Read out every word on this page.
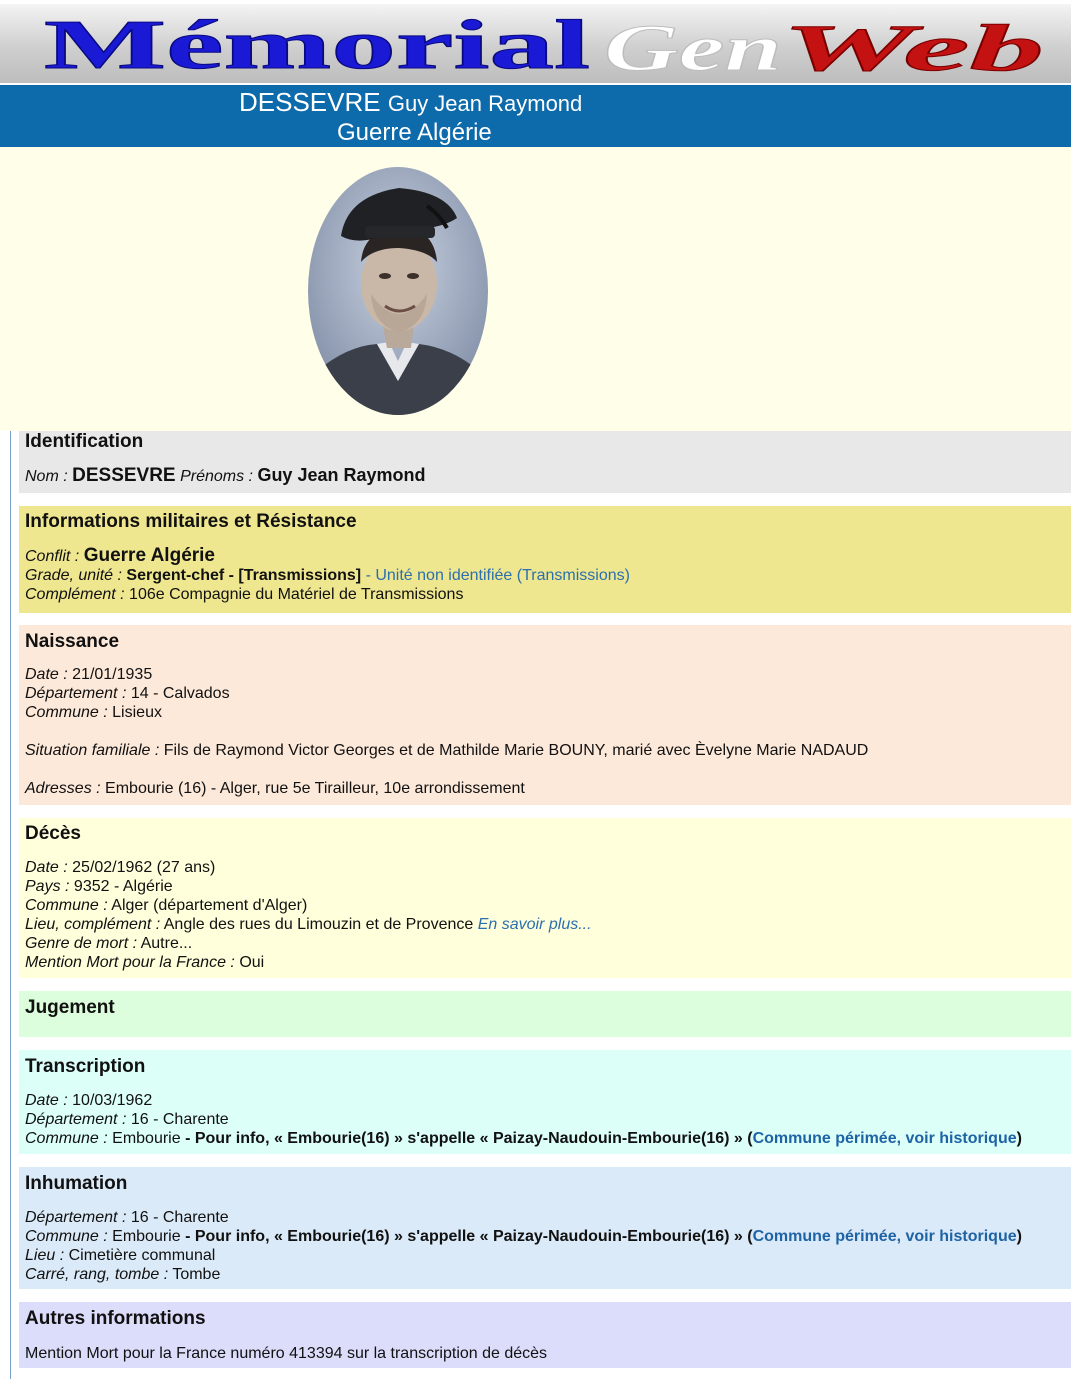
Mémorial Gen Web
DESSEVRE Guy Jean Raymond
Guerre Algérie
Identification
Nom : DESSEVRE Prénoms : Guy Jean Raymond
Informations militaires et Résistance
Conflit : Guerre Algérie
Grade, unité : Sergent-chef - [Transmissions] - Unité non identifiée (Transmissions)
Complément : 106e Compagnie du Matériel de Transmissions
Naissance
Date : 21/01/1935
Département : 14 - Calvados
Commune : Lisieux
Situation familiale : Fils de Raymond Victor Georges et de Mathilde Marie BOUNY, marié avec Èvelyne Marie NADAUD
Adresses : Embourie (16) - Alger, rue 5e Tirailleur, 10e arrondissement
Décès
Date : 25/02/1962 (27 ans)
Pays : 9352 - Algérie
Commune : Alger (département d'Alger)
Lieu, complément : Angle des rues du Limouzin et de Provence En savoir plus...
Genre de mort : Autre...
Mention Mort pour la France : Oui
Jugement
Transcription
Date : 10/03/1962
Département : 16 - Charente
Commune : Embourie - Pour info, « Embourie(16) » s'appelle « Paizay-Naudouin-Embourie(16) » (Commune périmée, voir historique)
Inhumation
Département : 16 - Charente
Commune : Embourie - Pour info, « Embourie(16) » s'appelle « Paizay-Naudouin-Embourie(16) » (Commune périmée, voir historique)
Lieu : Cimetière communal
Carré, rang, tombe : Tombe
Autres informations
Mention Mort pour la France numéro 413394 sur la transcription de décès
